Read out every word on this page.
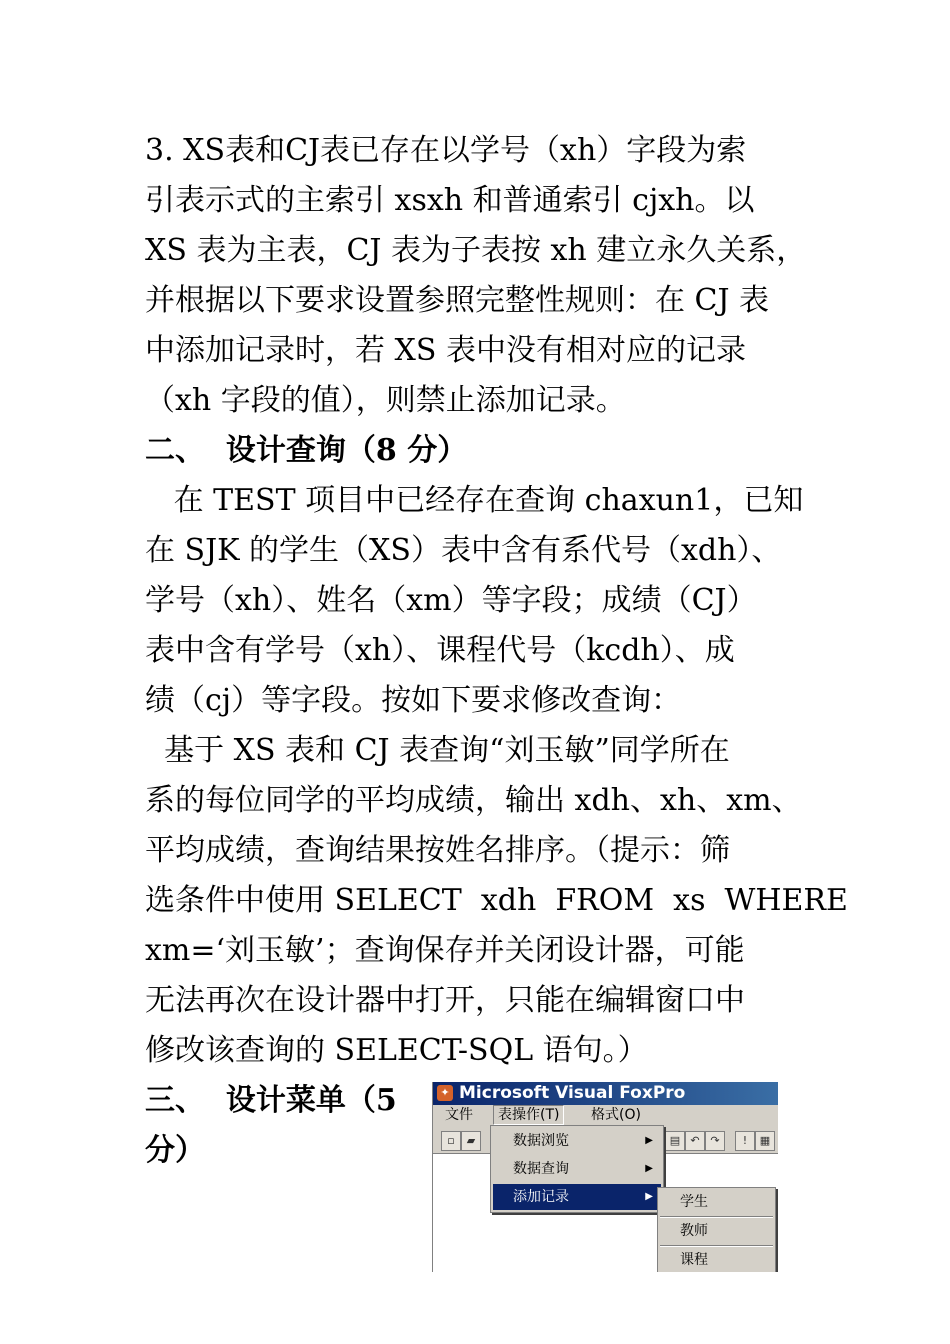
3. XS表和CJ表已存在以学号（xh）字段为索
引表示式的主索引 xsxh 和普通索引 cjxh。以
XS 表为主表，CJ 表为子表按 xh 建立永久关系，
并根据以下要求设置参照完整性规则：在 CJ 表
中添加记录时，若 XS 表中没有相对应的记录
（xh 字段的值），则禁止添加记录。
二、  设计查询（8 分）
在 TEST 项目中已经存在查询 chaxun1，已知
在 SJK 的学生（XS）表中含有系代号（xdh）、
学号（xh）、姓名（xm）等字段；成绩（CJ）
表中含有学号（xh）、课程代号（kcdh）、成
绩（cj）等字段。按如下要求修改查询：
基于 XS 表和 CJ 表查询“刘玉敏”同学所在
系的每位同学的平均成绩，输出 xdh、xh、xm、
平均成绩，查询结果按姓名排序。（提示：筛
选条件中使用 SELECT  xdh  FROM  xs  WHERE
xm=‘刘玉敏’；查询保存并关闭设计器，可能
无法再次在设计器中打开，只能在编辑窗口中
修改该查询的 SELECT-SQL 语句。）
三、  设计菜单（5
分）
✦ Microsoft Visual FoxPro
文件	表操作(T)	格式(O)
▫	▰	▤ ↶ ↷	!	▦
数据浏览	▶
数据查询	▶
添加记录	▶ 学生
教师
课程
